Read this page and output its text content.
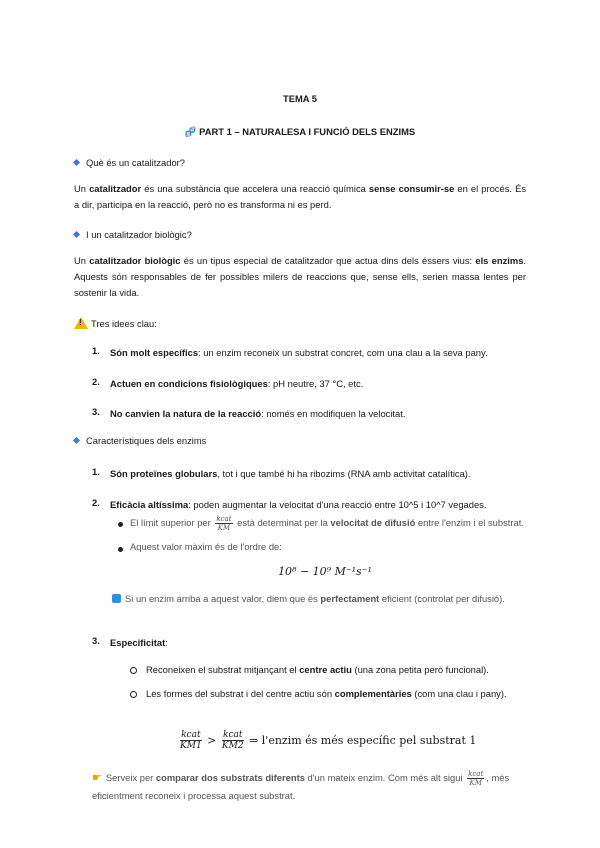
TEMA 5
🧬 PART 1 – NATURALESA I FUNCIÓ DELS ENZIMS
Què és un catalitzador?
Un catalitzador és una substància que accelera una reacció química sense consumir-se en el procés. És a dir, participa en la reacció, però no es transforma ni es perd.
I un catalitzador biològic?
Un catalitzador biològic és un tipus especial de catalitzador que actua dins dels éssers vius: els enzims. Aquests són responsables de fer possibles milers de reaccions que, sense ells, serien massa lentes per sostenir la vida.
!Tres idees clau:
1. Són molt específics: un enzim reconeix un substrat concret, com una clau a la seva pany.
2. Actuen en condicions fisiològiques: pH neutre, 37 °C, etc.
3. No canvien la natura de la reacció: només en modifiquen la velocitat.
Característiques dels enzims
1. Són proteïnes globulars, tot i que també hi ha ribozims (RNA amb activitat catalítica).
2. Eficàcia altíssima: poden augmentar la velocitat d'una reacció entre 10^5 i 10^7 vegades.
El límit superior per $\frac{\text{kcat}}{KM}$ està determinat per la velocitat de difusió entre l'enzim i el substrat.
Aquest valor màxim és de l'ordre de:
10⁸ − 10⁹ M⁻¹s⁻¹
Si un enzim arriba a aquest valor, diem que és perfectament eficient (controlat per difusió).
3. Especificitat:
Reconeixen el substrat mitjançant el centre actiu (una zona petita però funcional).
Les formes del substrat i del centre actiu són complementàries (com una clau i pany).
$\frac{\text{kcat}}{KM1} > \frac{\text{kcat}}{KM2}$ ⇒ l'enzim és més específic pel substrat 1
☛ Serveix per comparar dos substrats diferents d'un mateix enzim. Com més alt sigui $\frac{\text{kcat}}{KM}$ , més eficientment reconeix i processa aquest substrat.
